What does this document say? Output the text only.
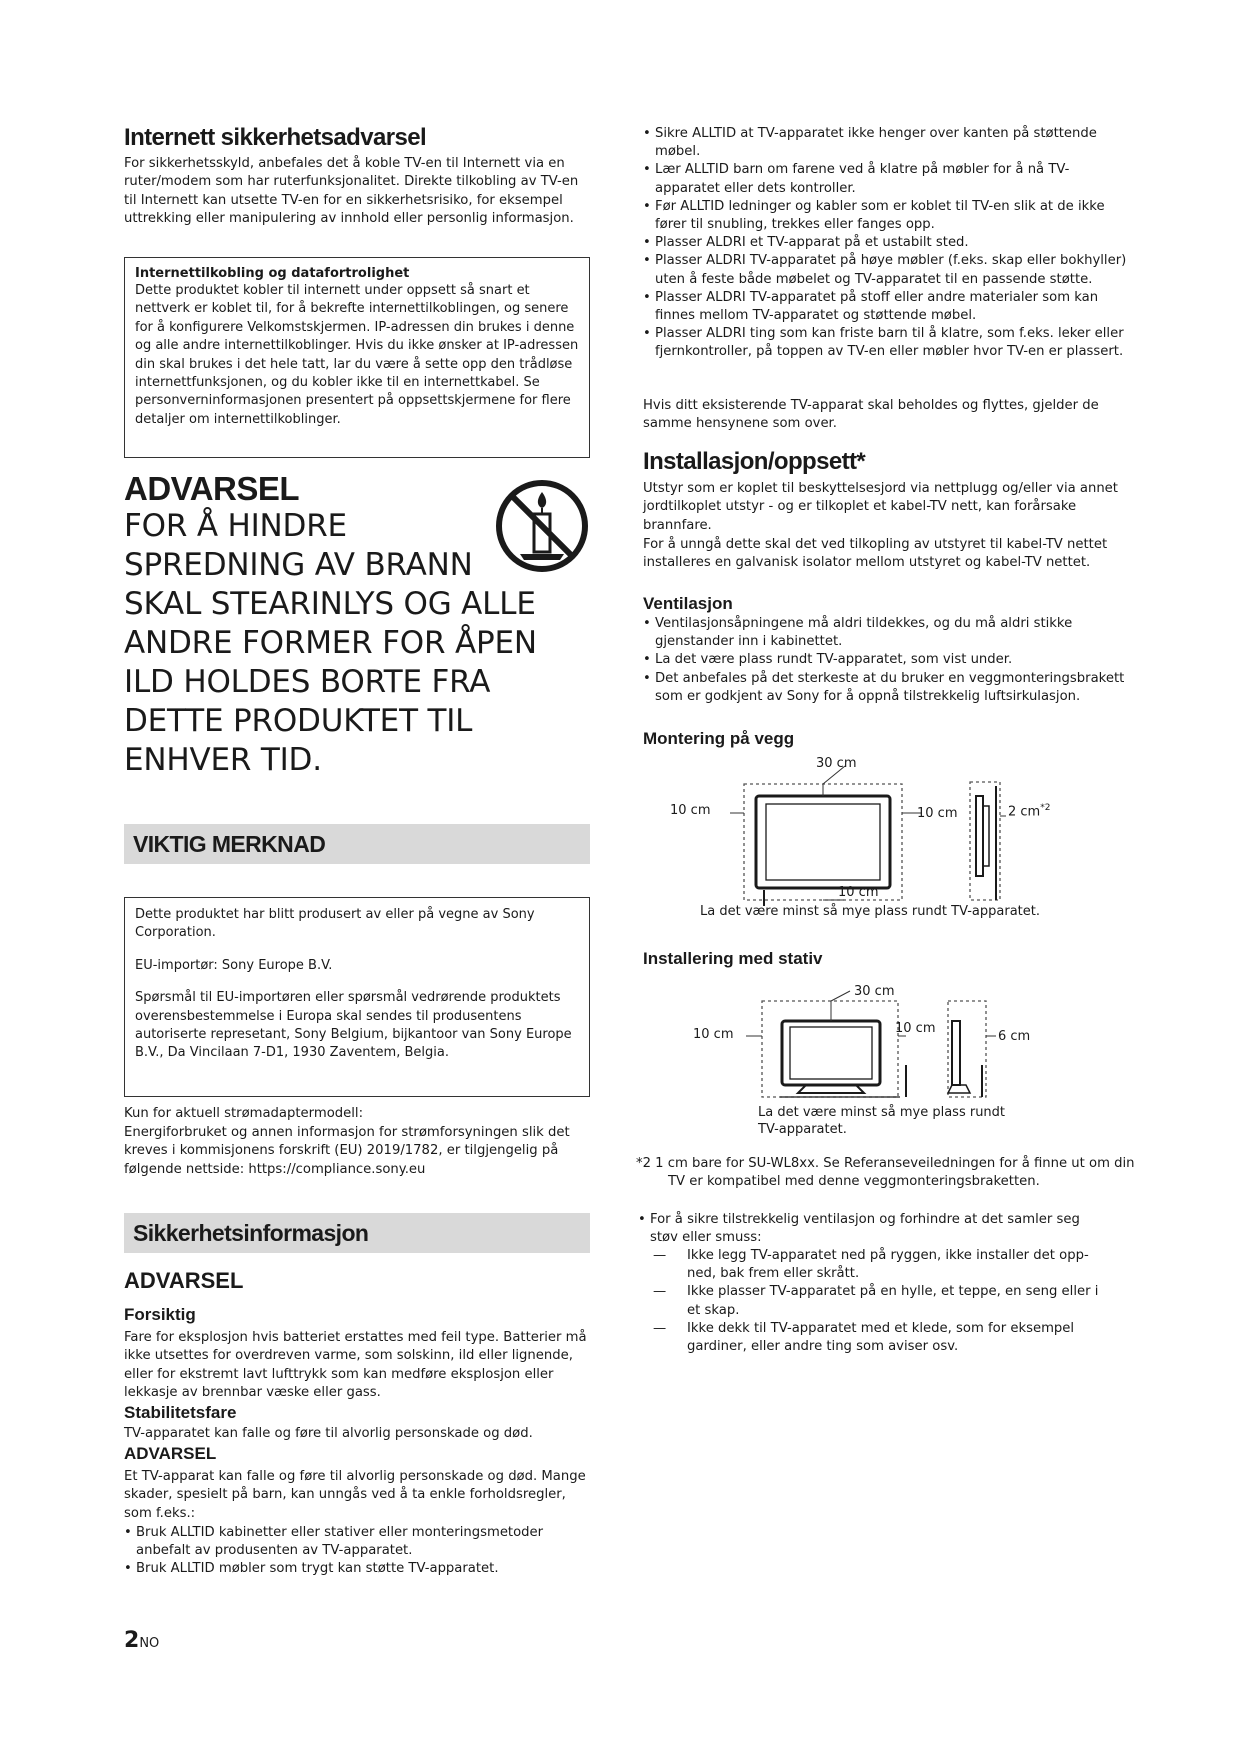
Internett sikkerhetsadvarsel

For sikkerhetsskyld, anbefales det å koble TV-en til Internett via en ruter/modem som har ruterfunksjonalitet. Direkte tilkobling av TV-en til Internett kan utsette TV-en for en sikkerhetsrisiko, for eksempel uttrekking eller manipulering av innhold eller personlig informasjon.

Internettilkobling og datafortrolighet

Dette produktet kobler til internett under oppsett så snart et nettverk er koblet til, for å bekrefte internettilkoblingen, og senere for å konfigurere Velkomstskjermen. IP-adressen din brukes i denne og alle andre internettilkoblinger. Hvis du ikke ønsker at IP-adressen din skal brukes i det hele tatt, lar du være å sette opp den trådløse internettfunksjonen, og du kobler ikke til en internettkabel. Se personverninformasjonen presentert på oppsettskjermene for flere detaljer om internettilkoblinger.

ADVARSEL
FOR Å HINDRE
SPREDNING AV BRANN
SKAL STEARINLYS OG ALLE
ANDRE FORMER FOR ÅPEN
ILD HOLDES BORTE FRA
DETTE PRODUKTET TIL
ENHVER TID.
VIKTIG MERKNAD

Dette produktet har blitt produsert av eller på vegne av Sony Corporation.

EU-importør: Sony Europe B.V.

Spørsmål til EU-importøren eller spørsmål vedrørende produktets overensbestemmelse i Europa skal sendes til produsentens autoriserte represetant, Sony Belgium, bijkantoor van Sony Europe B.V., Da Vincilaan 7-D1, 1930 Zaventem, Belgia.

Kun for aktuell strømadaptermodell:

Energiforbruket og annen informasjon for strømforsyningen slik det kreves i kommisjonens forskrift (EU) 2019/1782, er tilgjengelig på følgende nettside: https://compliance.sony.eu

Sikkerhetsinformasjon
ADVARSEL
Forsiktig

Fare for eksplosjon hvis batteriet erstattes med feil type. Batterier må ikke utsettes for overdreven varme, som solskinn, ild eller lignende, eller for ekstremt lavt lufttrykk som kan medføre eksplosjon eller lekkasje av brennbar væske eller gass.

Stabilitetsfare

TV-apparatet kan falle og føre til alvorlig personskade og død.

ADVARSEL

Et TV-apparat kan falle og føre til alvorlig personskade og død. Mange skader, spesielt på barn, kan unngås ved å ta enkle forholdsregler, som f.eks.:

• Bruk ALLTID kabinetter eller stativer eller monteringsmetoder anbefalt av produsenten av TV-apparatet.
• Bruk ALLTID møbler som trygt kan støtte TV-apparatet.
2NO
• Sikre ALLTID at TV-apparatet ikke henger over kanten på støttende møbel.
• Lær ALLTID barn om farene ved å klatre på møbler for å nå TV-apparatet eller dets kontroller.
• Før ALLTID ledninger og kabler som er koblet til TV-en slik at de ikke fører til snubling, trekkes eller fanges opp.
• Plasser ALDRI et TV-apparat på et ustabilt sted.
• Plasser ALDRI TV-apparatet på høye møbler (f.eks. skap eller bokhyller) uten å feste både møbelet og TV-apparatet til en passende støtte.
• Plasser ALDRI TV-apparatet på stoff eller andre materialer som kan finnes mellom TV-apparatet og støttende møbel.
• Plasser ALDRI ting som kan friste barn til å klatre, som f.eks. leker eller fjernkontroller, på toppen av TV-en eller møbler hvor TV-en er plassert.

Hvis ditt eksisterende TV-apparat skal beholdes og flyttes, gjelder de samme hensynene som over.

Installasjon/oppsett*

Utstyr som er koplet til beskyttelsesjord via nettplugg og/eller via annet jordtilkoplet utstyr - og er tilkoplet et kabel-TV nett, kan forårsake brannfare.

For å unngå dette skal det ved tilkopling av utstyret til kabel-TV nettet installeres en galvanisk isolator mellom utstyret og kabel-TV nettet.

Ventilasjon
• Ventilasjonsåpningene må aldri tildekkes, og du må aldri stikke gjenstander inn i kabinettet.
• La det være plass rundt TV-apparatet, som vist under.
• Det anbefales på det sterkeste at du bruker en veggmonteringsbrakett som er godkjent av Sony for å oppnå tilstrekkelig luftsirkulasjon.
Montering på vegg

30 cm

10 cm	10 cm

10 cm

2 $cm^{*2}$

La det være minst så mye plass rundt TV-apparatet.

Installering med stativ

30 cm

10 cm	10 cm

6 cm

La det være minst så mye plass rundt
TV-apparatet.

*2 1 cm bare for SU-WL8xx. Se Referanseveiledningen for å finne ut om din TV er kompatibel med denne veggmonteringsbraketten.

• For å sikre tilstrekkelig ventilasjon og forhindre at det samler seg støv eller smuss:
— Ikke legg TV-apparatet ned på ryggen, ikke installer det opp-ned, bak frem eller skrått.
— Ikke plasser TV-apparatet på en hylle, et teppe, en seng eller i et skap.
— Ikke dekk til TV-apparatet med et klede, som for eksempel gardiner, eller andre ting som aviser osv.
